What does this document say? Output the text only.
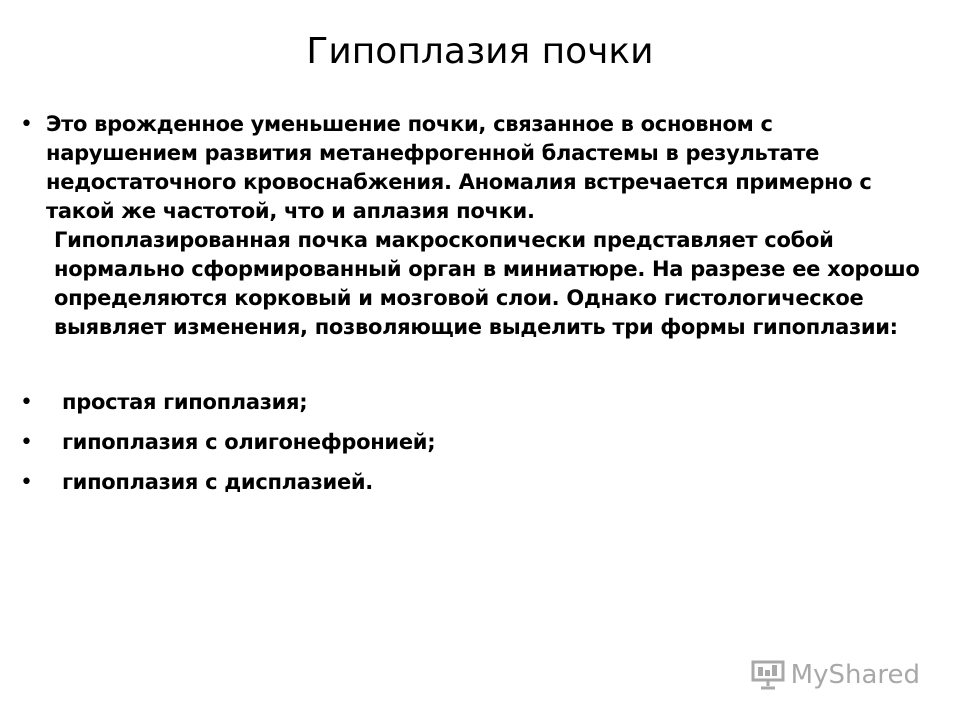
Гипоплазия почки
• Это врожденное уменьшение почки, связанное в основном с нарушением развития метанефрогенной бластемы в результате недостаточного кровоснабжения. Аномалия встречается примерно с такой же частотой, что и аплазия почки.

Гипоплазированная почка макроскопически представляет собой нормально сформированный орган в миниатюре. На разрезе ее хорошо определяются корковый и мозговой слои. Однако гистологическое выявляет изменения, позволяющие выделить три формы гипоплазии:

•	простая гипоплазия;

•	гипоплазия с олигонефронией;

•	гипоплазия с дисплазией.

MyShared
